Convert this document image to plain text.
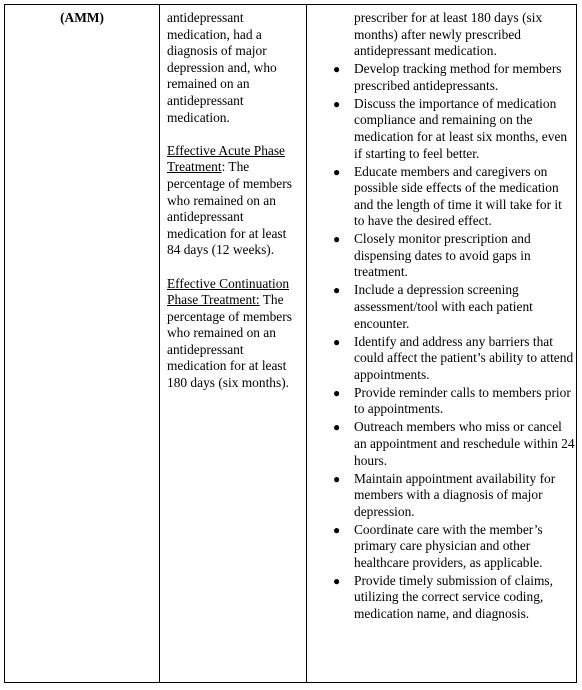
(AMM)	antidepressant medication, had a diagnosis of major depression and, who remained on an antidepressant medication.

Effective Acute Phase Treatment: The percentage of members who remained on an antidepressant medication for at least 84 days (12 weeks).

Effective Continuation Phase Treatment: The percentage of members who remained on an antidepressant medication for at least 180 days (six months).

prescriber for at least 180 days (six months) after newly prescribed antidepressant medication.
● Develop tracking method for members prescribed antidepressants.
● Discuss the importance of medication compliance and remaining on the medication for at least six months, even if starting to feel better.
● Educate members and caregivers on possible side effects of the medication and the length of time it will take for it to have the desired effect.
● Closely monitor prescription and dispensing dates to avoid gaps in treatment.
● Include a depression screening assessment/tool with each patient encounter.
● Identify and address any barriers that could affect the patient’s ability to attend appointments.
● Provide reminder calls to members prior to appointments.
● Outreach members who miss or cancel an appointment and reschedule within 24 hours.
● Maintain appointment availability for members with a diagnosis of major depression.
● Coordinate care with the member’s primary care physician and other healthcare providers, as applicable.
● Provide timely submission of claims, utilizing the correct service coding, medication name, and diagnosis.
